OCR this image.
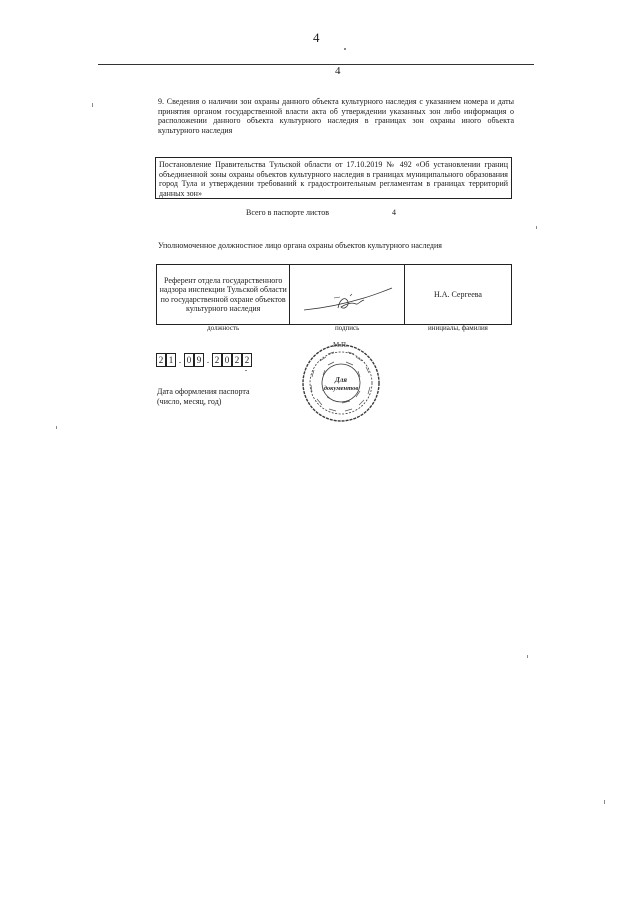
4
4
9. Сведения о наличии зон охраны данного объекта культурного наследия с указанием номера и даты принятия органом государственной власти акта об утверждении указанных зон либо информация о расположении данного объекта культурного наследия в границах зон охраны иного объекта культурного наследия
Постановление Правительства Тульской области от 17.10.2019 № 492 «Об установлении границ объединенной зоны охраны объектов культурного наследия в границах муниципального образования город Тула и утверждении требований к градостроительным регламентам в границах территорий данных зон»
Всего в паспорте листов	4
Уполномоченное должностное лицо органа охраны объектов культурного наследия
Референт отдела государственного надзора инспекции Тульской области по государственной охране объектов культурного наследия		Н.А. Сергеева
должность	подпись	инициалы, фамилия
2 1 . 0 9 . 2 0 2 2
Дата оформления паспорта
(число, месяц, год)
М.П.
Для
документов
